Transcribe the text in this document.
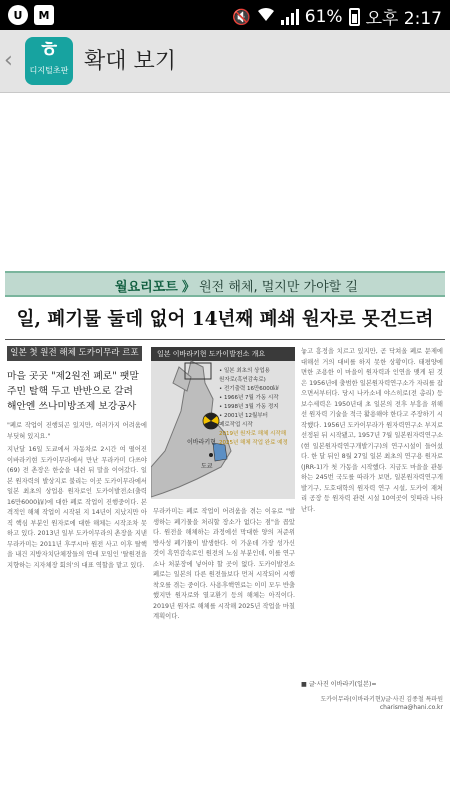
U	M	🔇	61% 오후 2:17
‹	ㅎ
디지털초판 확대 보기
월요리포트 》 원전 해체, 멀지만 가야할 길
일, 폐기물 둘데 없어 14년째 폐쇄 원자로 못건드려
일본 첫 원전 해체 도카이무라 르포
마을 곳곳 "제2원전 폐로" 팻말
주민 탈핵 두고 반반으로 갈려
해안엔 쓰나미방조제 보강공사
"폐로 작업이 진행되곤 있지만, 여러가지 어려움에 부딪혀 있지요."
지난달 16일 도쿄에서 자동차로 2시간 여 떨어진 이바라키현 도카이무라에서 만난 무라카미 다쓰야(69) 전 촌장은 한숨을 내쉰 뒤 말을 이어갔다. 일본 원자력의 발상지로 불리는 이곳 도카이무라에서 일본 최초의 상업용 원자로인 도카이발전소(출력 16만6000㎾)에 대한 폐로 작업이 진행중이다. 본격적인 해체 작업이 시작된 지 14년이 지났지만 아직 핵심 부분인 원자로에 대한 해체는 시작조차 못하고 있다. 2013년 일부 도카이무라의 촌장을 지낸 무라카미는 2011년 후쿠시마 원전 사고 이후 탈핵을 내건 지방자치단체장들의 연대 모임인 '탈원전을 지향하는 지자체장 회의'의 대표 역할을 맡고 있다.
일본 이바라키현 도카이발전소 개요
이바라키현
도쿄
• 일본 최초의 상업용
원자로(흑연감속로)
• 전기출력 16만6000㎾
• 1966년 7월 가동 시작
• 1998년 3월 가동 정지
• 2001년 12월부터
폐로작업 시작
2019년 원자로 해체 시작해 2025년 해체 작업 완료 예정
무라카미는 폐로 작업이 어려움을 겪는 이유로 "발생하는 폐기물을 처리할 장소가 없다는 점"을 꼽았다. 원전을 해체하는 과정에선 막대한 양의 저준위 방사성 폐기물이 발생한다. 이 가운데 가장 성가신 것이 흑연감속로인 원전의 노심 부분인데, 이를 연구소나 처분장에 넣어야 할 곳이 없다. 도카이발전소 폐로는 일본의 다른 원전들보다 먼저 시작되어 시행착오를 겪는 중이다. 사용후핵연료는 이미 모두 반출했지만 원자로와 열교환기 등의 해체는 아직이다. 2019년 원자로 해체를 시작해 2025년 작업을 마칠 계획이다.
놓고 흥정을 치르고 있지만, 곧 닥쳐올 폐로 문제에 대해선 거의 대비를 하지 못한 상황이다. 태평양에 면한 조용한 이 마을이 원자력과 인연을 맺게 된 것은 1956년에 출범한 일본원자력연구소가 자리를 잡으면서부터다. 당시 나카소네 야스히로(전 총리) 등 보수세력은 1950년대 초 일본의 전후 부흥을 위해선 원자력 기술을 적극 활용해야 한다고 주장하기 시작했다. 1956년 도카이무라가 원자력연구소 부지로 선정된 뒤 시작됐고, 1957년 7월 일본원자력연구소(현 일본원자력연구개발기구)의 연구시설이 들어섰다. 한 달 뒤인 8월 27일 일본 최초의 연구용 원자로(JRR-1)가 첫 가동을 시작했다. 지금도 마을을 관통하는 245번 국도를 따라가 보면, 일본원자력연구개발기구, 도호대학의 원자력 연구 시설, 도카이 재처리 공장 등 원자력 관련 시설 10여곳이 잇따라 나타난다.
■ 글·사진 이바라키(일본)=
도카이무라(이바라키현)/글·사진 김종철 특파원
charisma@hani.co.kr
